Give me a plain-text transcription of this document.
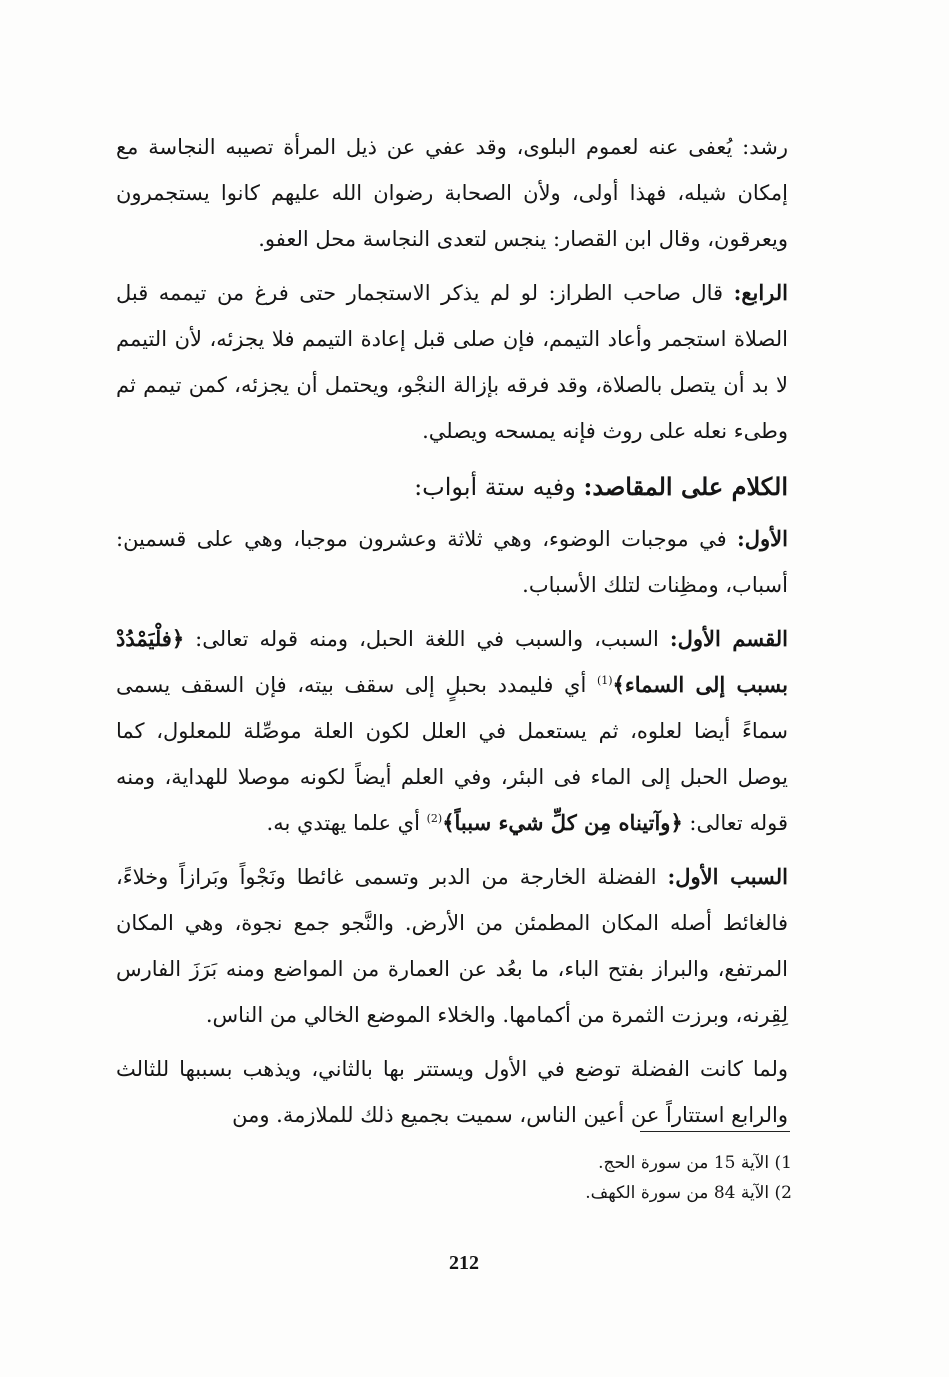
رشد: يُعفى عنه لعموم البلوى، وقد عفي عن ذيل المرأة تصيبه النجاسة مع إمكان شيله، فهذا أولى، ولأن الصحابة رضوان الله عليهم كانوا يستجمرون ويعرقون، وقال ابن القصار: ينجس لتعدى النجاسة محل العفو.

الرابع: قال صاحب الطراز: لو لم يذكر الاستجمار حتى فرغ من تيممه قبل الصلاة استجمر وأعاد التيمم، فإن صلى قبل إعادة التيمم فلا يجزئه، لأن التيمم لا بد أن يتصل بالصلاة، وقد فرقه بإزالة النجْو، ويحتمل أن يجزئه، كمن تيمم ثم وطىء نعله على روث فإنه يمسحه ويصلي.

الكلام على المقاصد: وفيه ستة أبواب:

الأول: في موجبات الوضوء، وهي ثلاثة وعشرون موجبا، وهي على قسمين: أسباب، ومظِنات لتلك الأسباب.

القسم الأول: السبب، والسبب في اللغة الحبل، ومنه قوله تعالى: ﴿فلْيَمْدُدْ بسبب إلى السماء﴾$^{(1)}$ أي فليمدد بحبلٍ إلى سقف بيته، فإن السقف يسمى سماءً أيضا لعلوه، ثم يستعمل في العلل لكون العلة موصِّلة للمعلول، كما يوصل الحبل إلى الماء فى البئر، وفي العلم أيضاً لكونه موصلا للهداية، ومنه قوله تعالى: ﴿وآتيناه مِن كلِّ شيء سبباً﴾$^{(2)}$ أي علما يهتدي به.

السبب الأول: الفضلة الخارجة من الدبر وتسمى غائطا ونَجْواً وبَرازاً وخلاءً، فالغائط أصله المكان المطمئن من الأرض. والنَّجو جمع نجوة، وهي المكان المرتفع، والبراز بفتح الباء، ما بعُد عن العمارة من المواضع ومنه بَرَزَ الفارس لِقِرنه، وبرزت الثمرة من أكمامها. والخلاء الموضع الخالي من الناس.

ولما كانت الفضلة توضع في الأول ويستتر بها بالثاني، ويذهب بسببها للثالث والرابع استتاراً عن أعين الناس، سميت بجميع ذلك للملازمة. ومن

1) الآية 15 من سورة الحج.

2) الآية 84 من سورة الكهف.

212
